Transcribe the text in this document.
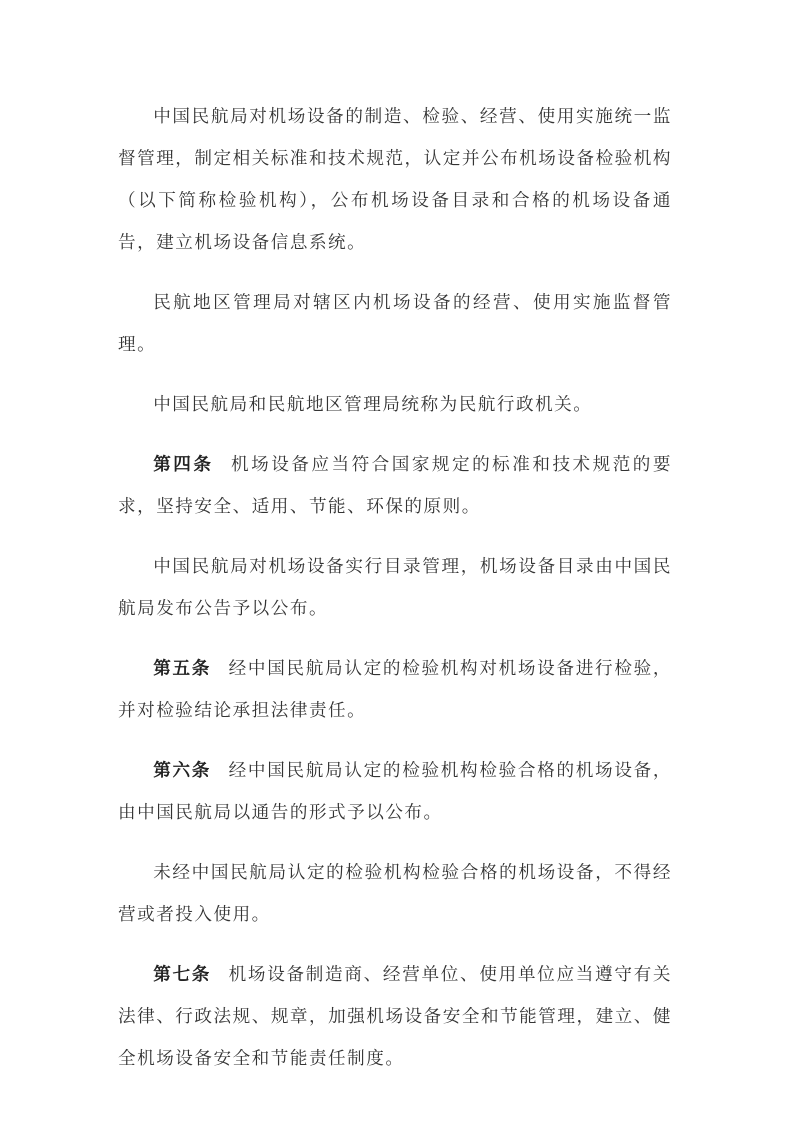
中国民航局对机场设备的制造、检验、经营、使用实施统一监督管理，制定相关标准和技术规范，认定并公布机场设备检验机构（以下简称检验机构），公布机场设备目录和合格的机场设备通告，建立机场设备信息系统。

民航地区管理局对辖区内机场设备的经营、使用实施监督管理。

中国民航局和民航地区管理局统称为民航行政机关。

第四条 机场设备应当符合国家规定的标准和技术规范的要求，坚持安全、适用、节能、环保的原则。

中国民航局对机场设备实行目录管理，机场设备目录由中国民航局发布公告予以公布。

第五条 经中国民航局认定的检验机构对机场设备进行检验，并对检验结论承担法律责任。

第六条 经中国民航局认定的检验机构检验合格的机场设备，由中国民航局以通告的形式予以公布。

未经中国民航局认定的检验机构检验合格的机场设备，不得经营或者投入使用。

第七条 机场设备制造商、经营单位、使用单位应当遵守有关法律、行政法规、规章，加强机场设备安全和节能管理，建立、健全机场设备安全和节能责任制度。
